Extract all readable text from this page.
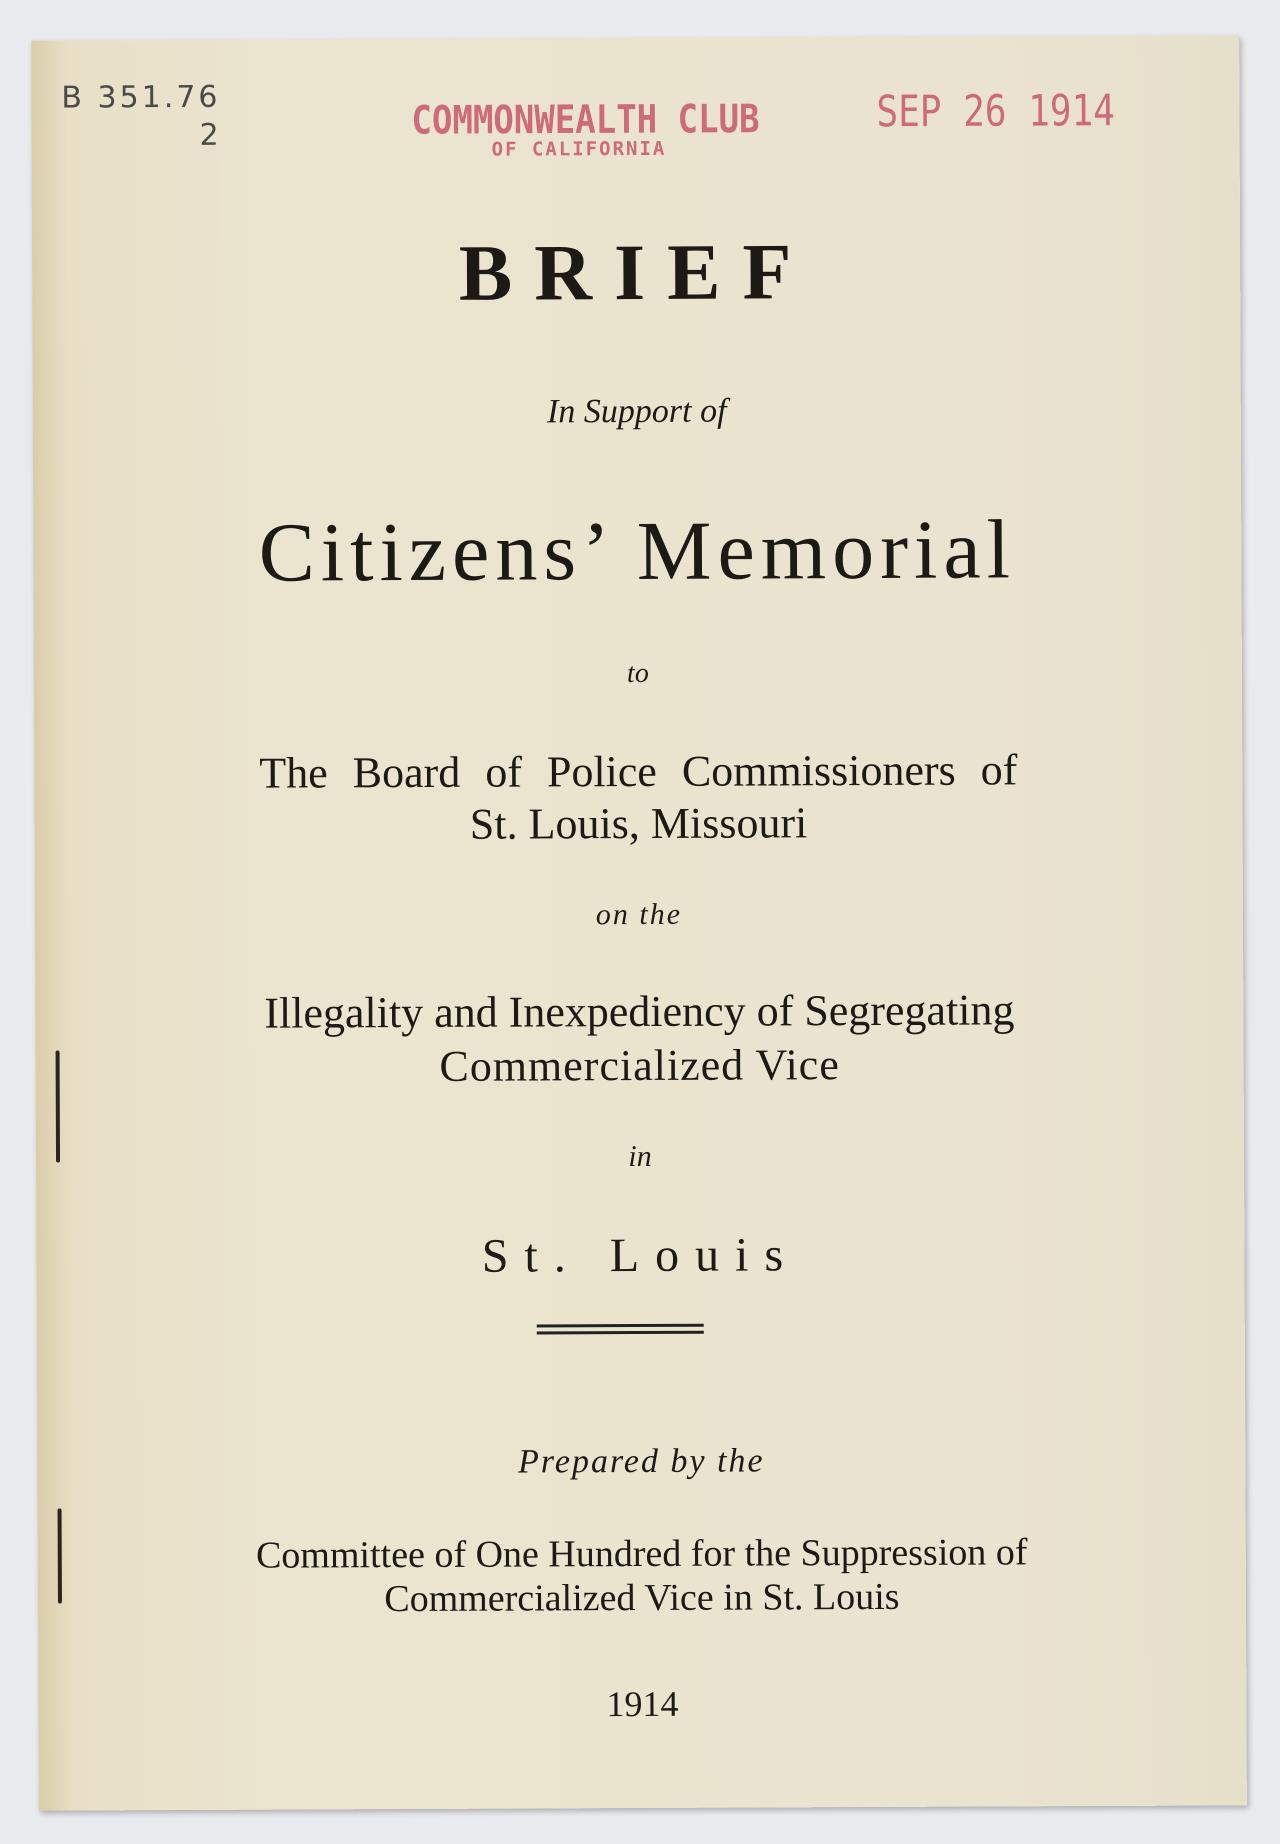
B 351.76
2	COMMONWEALTH CLUB
OF CALIFORNIA
SEP 26 1914
BRIEF
In Support of
Citizens’ Memorial
to
The Board of Police Commissioners of
St. Louis, Missouri
on the
Illegality and Inexpediency of Segregating
Commercialized Vice
in
St. Louis
Prepared by the
Committee of One Hundred for the Suppression of
Commercialized Vice in St. Louis
1914
